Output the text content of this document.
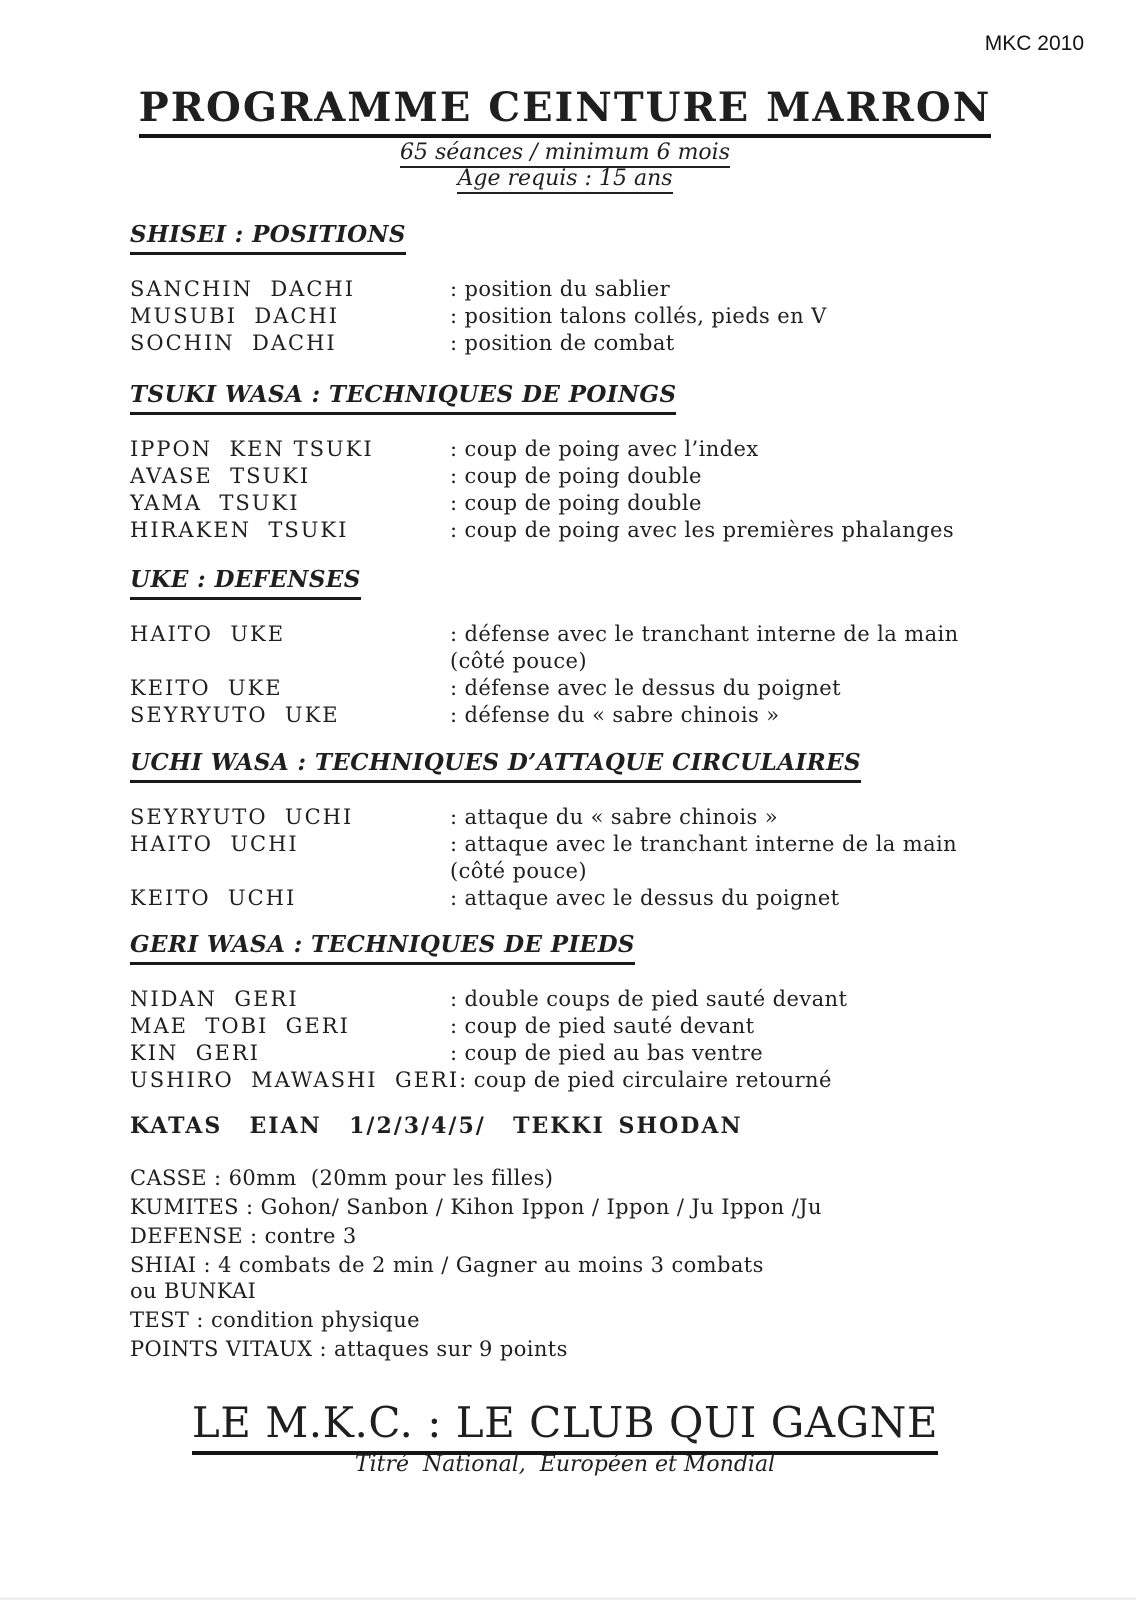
MKC 2010
PROGRAMME CEINTURE MARRON
65 séances / minimum 6 mois
Age requis : 15 ans
SHISEI : POSITIONS
SANCHIN  DACHI	: position du sablier
MUSUBI  DACHI	: position talons collés, pieds en V
SOCHIN  DACHI	: position de combat
TSUKI WASA : TECHNIQUES DE POINGS
IPPON  KEN TSUKI	: coup de poing avec l’index
AVASE  TSUKI	: coup de poing double
YAMA  TSUKI	: coup de poing double
HIRAKEN  TSUKI	: coup de poing avec les premières phalanges
UKE : DEFENSES
HAITO  UKE	: défense avec le tranchant interne de la main
(côté pouce)
KEITO  UKE	: défense avec le dessus du poignet
SEYRYUTO  UKE	: défense du « sabre chinois »
UCHI WASA : TECHNIQUES D’ATTAQUE CIRCULAIRES
SEYRYUTO  UCHI	: attaque du « sabre chinois »
HAITO  UCHI	: attaque avec le tranchant interne de la main
(côté pouce)
KEITO  UCHI	: attaque avec le dessus du poignet
GERI WASA : TECHNIQUES DE PIEDS
NIDAN  GERI	: double coups de pied sauté devant
MAE  TOBI  GERI	: coup de pied sauté devant
KIN  GERI	: coup de pied au bas ventre
USHIRO  MAWASHI  GERI : coup de pied circulaire retourné
KATAS  EIAN  1/2/3/4/5/  TEKKI SHODAN
CASSE : 60mm  (20mm pour les filles)
KUMITES : Gohon/ Sanbon / Kihon Ippon / Ippon / Ju Ippon /Ju
DEFENSE : contre 3
SHIAI : 4 combats de 2 min / Gagner au moins 3 combats
ou BUNKAI
TEST : condition physique
POINTS VITAUX : attaques sur 9 points
LE M.K.C. : LE CLUB QUI GAGNE
Titré  National,  Européen et Mondial
